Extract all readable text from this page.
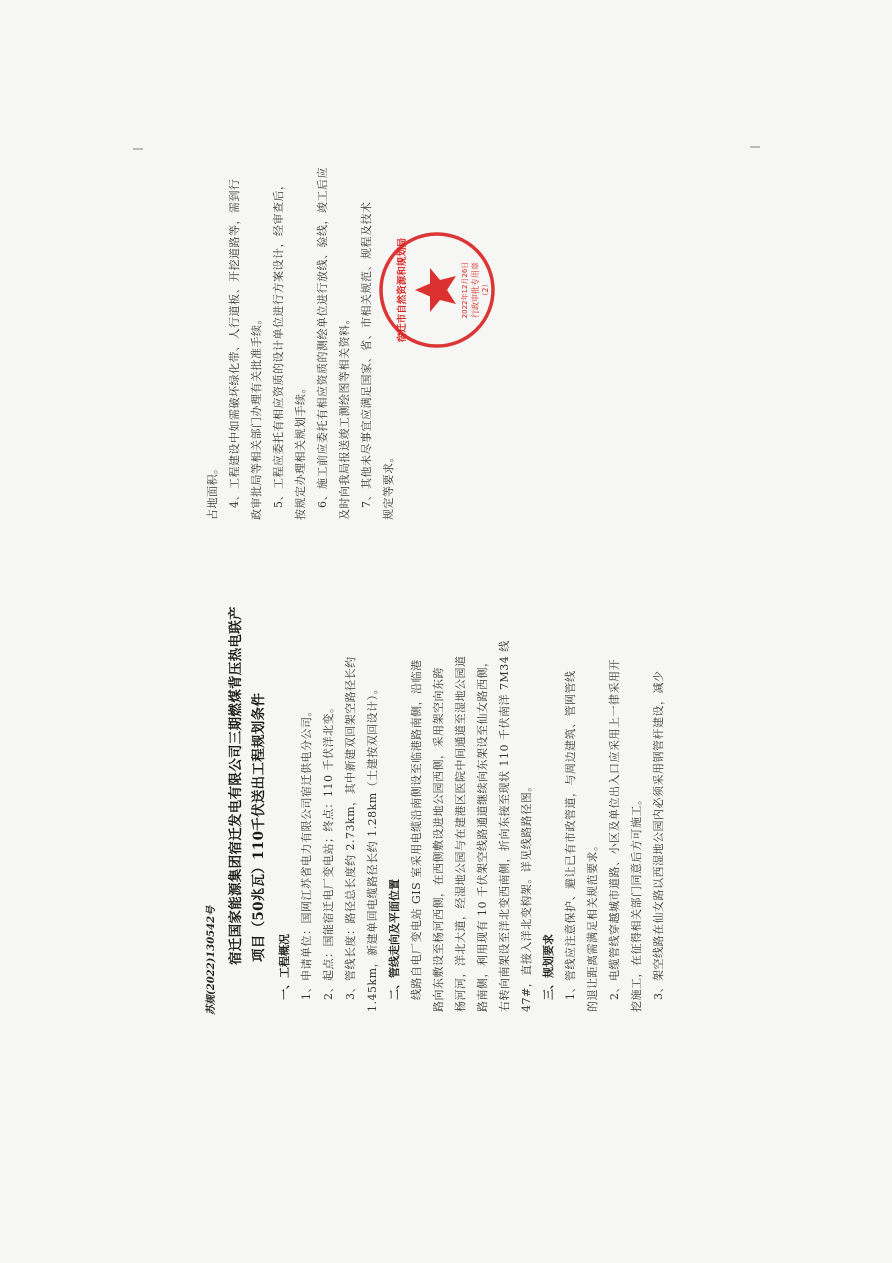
苏规(2022)130542号 宿迁国家能源集团宿迁发电有限公司三期燃煤背压热电联产 项目（50兆瓦）110千伏送出工程规划条件
一、工程概况 1、申请单位：国网江苏省电力有限公司宿迁供电分公司。 2、起点：国能宿迁电厂变电站；终点：110 千伏洋北变。 3、管线长度：路径总长度约 2.73km，其中新建双回架空路径长约 1.45km，新建单回电缆路径长约 1.28km（土建按双回设计）。 二、管线走向及平面位置 线路自电厂变电站 GIS 室采用电缆沿南侧设至临港路南侧，沿临港 路向东敷设至杨河西侧，在西侧敷设进地公园西侧，采用架空向东跨 杨河河，洋北大道，经湿地公园与在建港区医院中间通道至湿地公园道 路南侧，利用现有 10 千伏架空线路通道继续向东架设至仙女路西侧， 右转向南架设至洋北变西南侧，折向东接至现状 110 千伏南洋 7M34 线 47#，直接入洋北变构架。详见线路路径图。 三、规划要求 1、管线应注意保护、避让已有市政管道，与周边建筑、管网管线 的退让距离需满足相关规范要求。 2、电缆管线穿越城市道路、小区及单位出入口应采用上一律采用开 挖施工，在征得相关部门同意后方可施工。 3、架空线路在仙女路以西湿地公园内必须采用钢管杆建设，减少
占地面积。 4、工程建设中如需破坏绿化带、人行道板、开挖道路等，需到行 政审批局等相关部门办理有关批准手续。 5、工程应委托有相应资质的设计单位进行方案设计，经审查后， 按规定办理相关规划手续。 6、施工前应委托有相应资质的测绘单位进行放线、验线，竣工后应 及时向我局报送竣工测绘图等相关资料。 7、其他未尽事宜应满足国家、省、市相关规范、规程及技术 规定等要求。
宿迁市自然资源和规划局	2022年12月26日 行政审批专用章 （2）
